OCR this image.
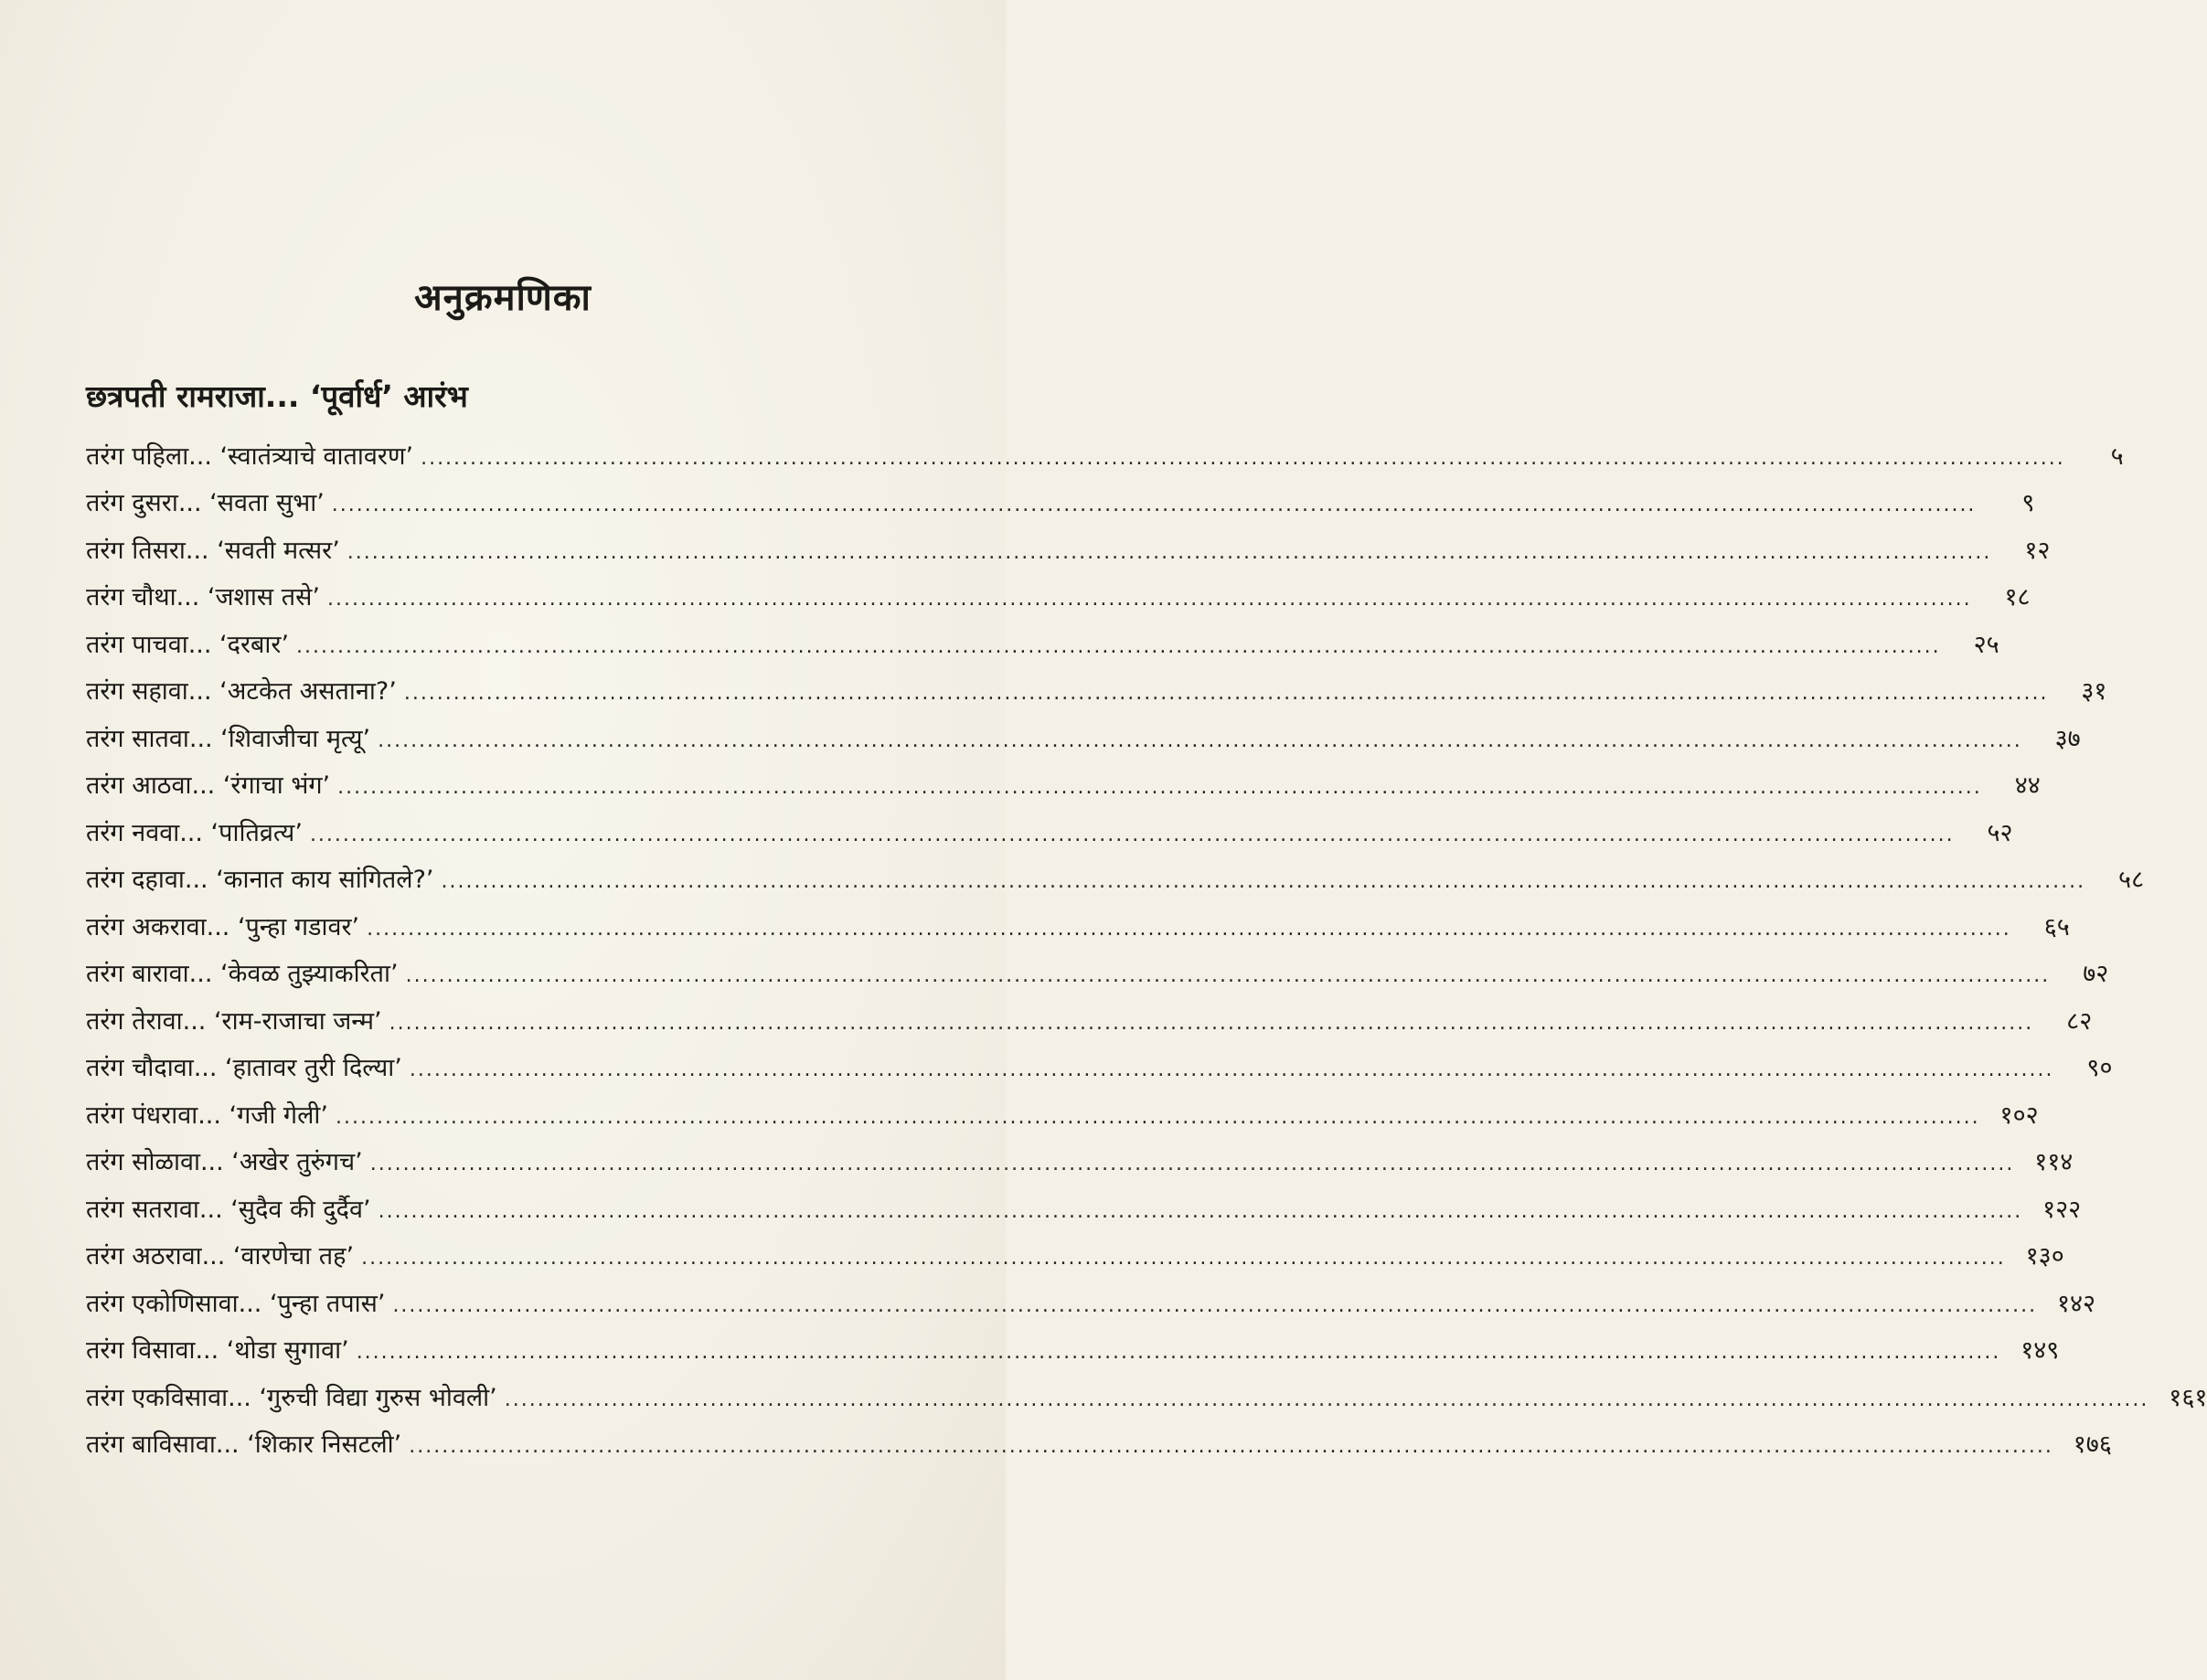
अनुक्रमणिका
छत्रपती रामराजा... ‘पूर्वार्ध’ आरंभ
तरंग पहिला... ‘स्वातंत्र्याचे वातावरण’ ........................................................................................................................................................................................................	५
तरंग दुसरा... ‘सवता सुभा’ ........................................................................................................................................................................................................	९
तरंग तिसरा... ‘सवती मत्सर’ ........................................................................................................................................................................................................	१२
तरंग चौथा... ‘जशास तसे’ ........................................................................................................................................................................................................	१८
तरंग पाचवा... ‘दरबार’ ........................................................................................................................................................................................................	२५
तरंग सहावा... ‘अटकेत असताना?’ ........................................................................................................................................................................................................	३१
तरंग सातवा... ‘शिवाजीचा मृत्यू’ ........................................................................................................................................................................................................	३७
तरंग आठवा... ‘रंगाचा भंग’ ........................................................................................................................................................................................................	४४
तरंग नववा... ‘पातिव्रत्य’ ........................................................................................................................................................................................................	५२
तरंग दहावा... ‘कानात काय सांगितले?’ ........................................................................................................................................................................................................	५८
तरंग अकरावा... ‘पुन्हा गडावर’ ........................................................................................................................................................................................................	६५
तरंग बारावा... ‘केवळ तुझ्याकरिता’ ........................................................................................................................................................................................................	७२
तरंग तेरावा... ‘राम-राजाचा जन्म’ ........................................................................................................................................................................................................	८२
तरंग चौदावा... ‘हातावर तुरी दिल्या’ ........................................................................................................................................................................................................	९०
तरंग पंधरावा... ‘गजी गेली’ ........................................................................................................................................................................................................ १०२
तरंग सोळावा... ‘अखेर तुरुंगच’ ........................................................................................................................................................................................................ ११४
तरंग सतरावा... ‘सुदैव की दुर्दैव’ ........................................................................................................................................................................................................ १२२
तरंग अठरावा... ‘वारणेचा तह’ ........................................................................................................................................................................................................ १३०
तरंग एकोणिसावा... ‘पुन्हा तपास’ ........................................................................................................................................................................................................ १४२
तरंग विसावा... ‘थोडा सुगावा’ ........................................................................................................................................................................................................ १४९
तरंग एकविसावा... ‘गुरुची विद्या गुरुस भोवली’ ........................................................................................................................................................................................................ १६१
तरंग बाविसावा... ‘शिकार निसटली’ ........................................................................................................................................................................................................ १७६
